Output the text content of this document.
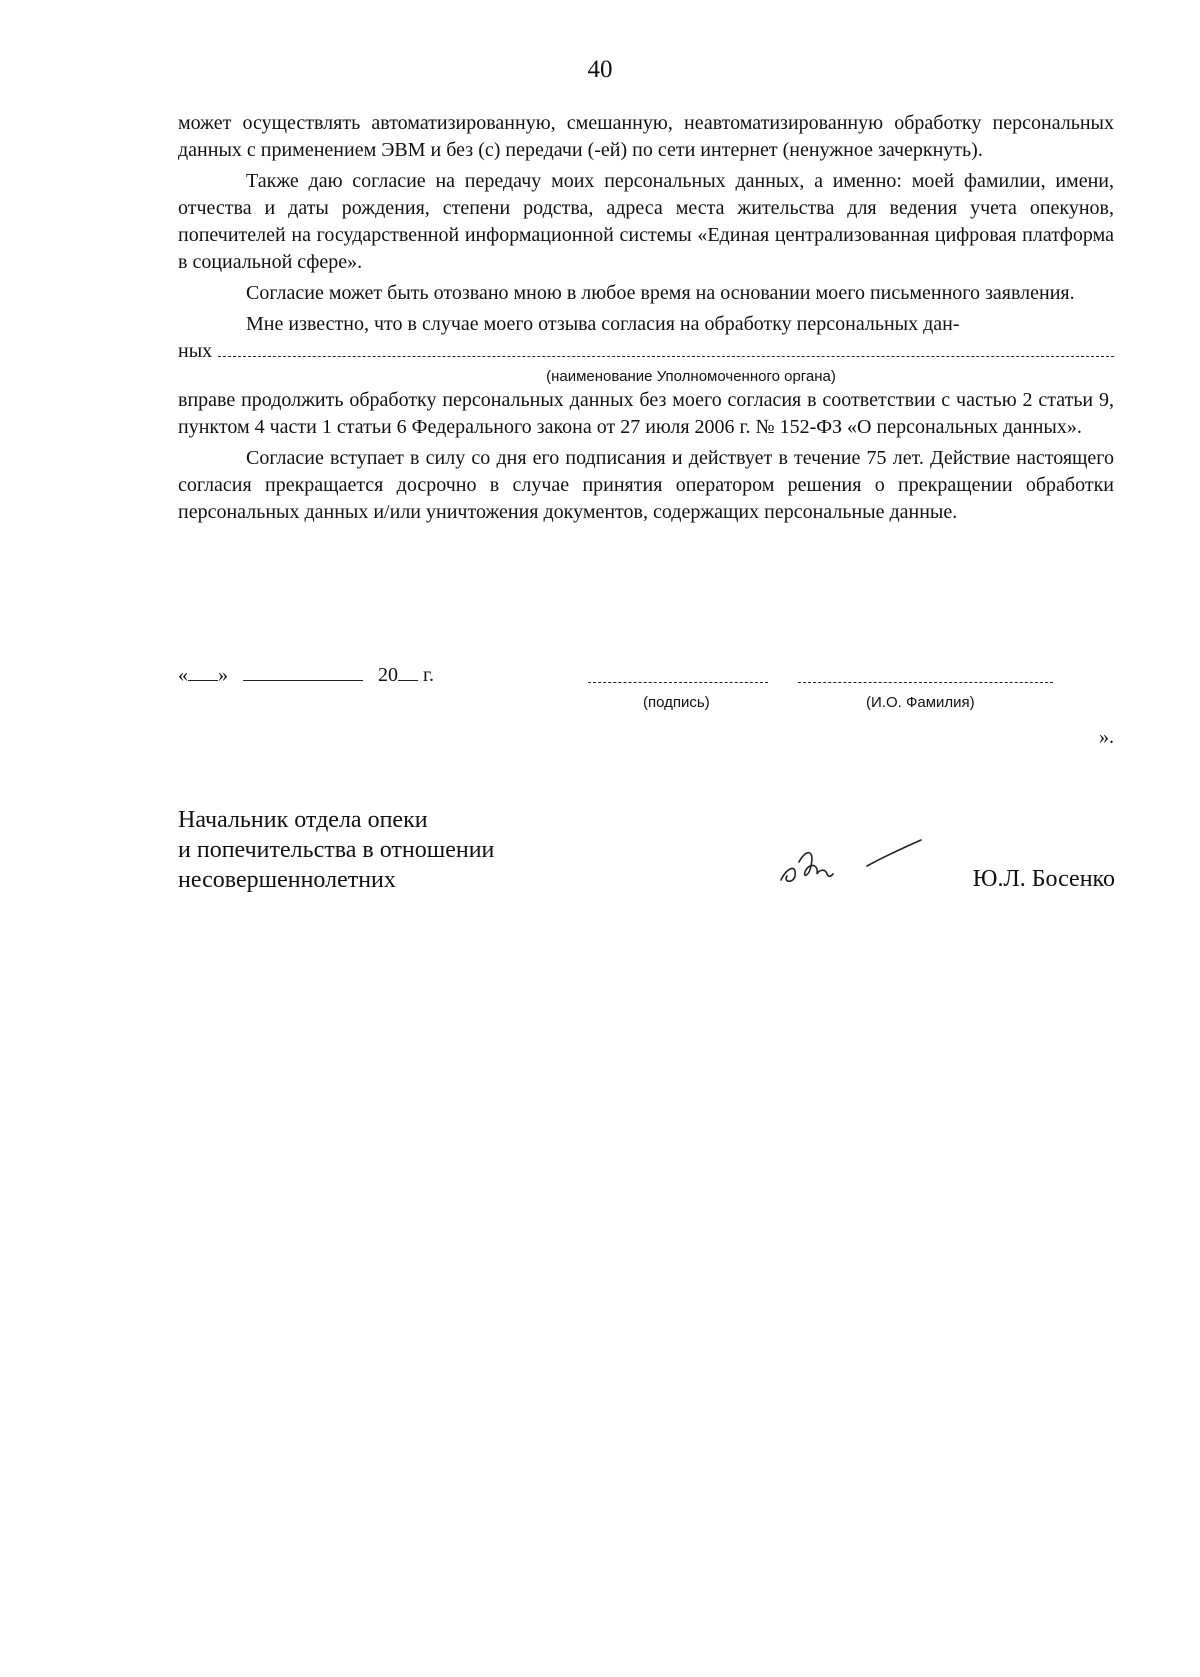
40

может осуществлять автоматизированную, смешанную, неавтоматизированную обработку персональных данных с применением ЭВМ и без (с) передачи (-ей) по сети интернет (ненужное зачеркнуть).

Также даю согласие на передачу моих персональных данных, а именно: моей фамилии, имени, отчества и даты рождения, степени родства, адреса места жительства для ведения учета опекунов, попечителей на государственной информационной системы «Единая централизованная цифровая платформа в социальной сфере».

Согласие может быть отозвано мною в любое время на основании моего письменного заявления.

Мне известно, что в случае моего отзыва согласия на обработку персональных дан-

ных
(наименование Уполномоченного органа)

вправе продолжить обработку персональных данных без моего согласия в соответствии с частью 2 статьи 9, пунктом 4 части 1 статьи 6 Федерального закона от 27 июля 2006 г. № 152-ФЗ «О персональных данных».

Согласие вступает в силу со дня его подписания и действует в течение 75 лет. Действие настоящего согласия прекращается досрочно в случае принятия оператором решения о прекращении обработки персональных данных и/или уничтожения документов, содержащих персональные данные.

« »	20 г.
(подпись)	(И.О. Фамилия)
».
Начальник отдела опеки
и попечительства в отношении
несовершеннолетних	Ю.Л. Босенко
